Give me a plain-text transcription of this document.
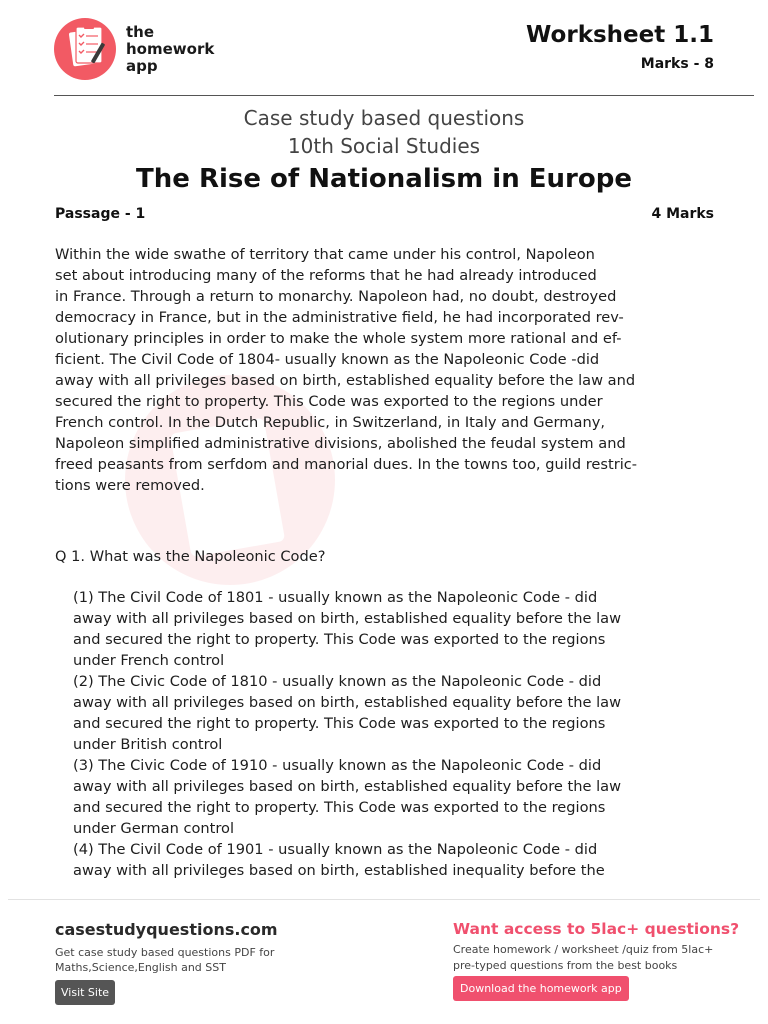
the
homework
app
Worksheet 1.1
Marks - 8
Case study based questions
10th Social Studies
The Rise of Nationalism in Europe
Passage - 1	4 Marks
Within the wide swathe of territory that came under his control, Napoleon
set about introducing many of the reforms that he had already introduced
in France. Through a return to monarchy. Napoleon had, no doubt, destroyed
democracy in France, but in the administrative field, he had incorporated rev-
olutionary principles in order to make the whole system more rational and ef-
ficient. The Civil Code of 1804- usually known as the Napoleonic Code -did
away with all privileges based on birth, established equality before the law and
secured the right to property. This Code was exported to the regions under
French control. In the Dutch Republic, in Switzerland, in Italy and Germany,
Napoleon simplified administrative divisions, abolished the feudal system and
freed peasants from serfdom and manorial dues. In the towns too, guild restric-
tions were removed.
Q 1. What was the Napoleonic Code?
(1) The Civil Code of 1801 - usually known as the Napoleonic Code - did
away with all privileges based on birth, established equality before the law
and secured the right to property. This Code was exported to the regions
under French control
(2) The Civic Code of 1810 - usually known as the Napoleonic Code - did
away with all privileges based on birth, established equality before the law
and secured the right to property. This Code was exported to the regions
under British control
(3) The Civic Code of 1910 - usually known as the Napoleonic Code - did
away with all privileges based on birth, established equality before the law
and secured the right to property. This Code was exported to the regions
under German control
(4) The Civil Code of 1901 - usually known as the Napoleonic Code - did
away with all privileges based on birth, established inequality before the
casestudyquestions.com
Get case study based questions PDF for Maths,Science,English and SST
Visit Site
Want access to 5lac+ questions?
Create homework / worksheet /quiz from 5lac+ pre-typed questions from the best books
Download the homework app
